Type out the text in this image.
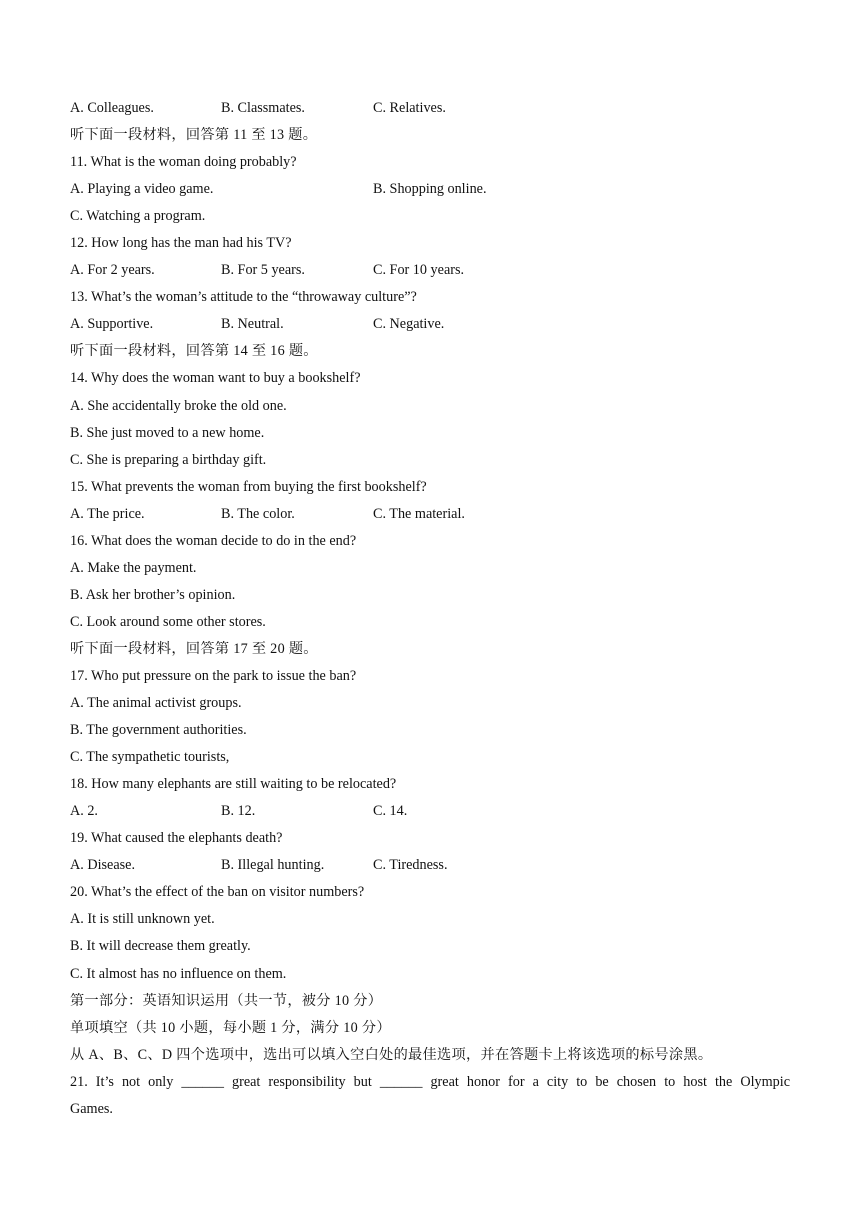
A. Colleagues.	B. Classmates.	C. Relatives.
听下面一段材料，回答第 11 至 13 题。
11. What is the woman doing probably?
A. Playing a video game.	B. Shopping online.
C. Watching a program.
12. How long has the man had his TV?
A. For 2 years.	B. For 5 years.	C. For 10 years.
13. What’s the woman’s attitude to the “throwaway culture”?
A. Supportive.	B. Neutral.	C. Negative.
听下面一段材料，回答第 14 至 16 题。
14. Why does the woman want to buy a bookshelf?
A. She accidentally broke the old one.
B. She just moved to a new home.
C. She is preparing a birthday gift.
15. What prevents the woman from buying the first bookshelf?
A. The price.	B. The color.	C. The material.
16. What does the woman decide to do in the end?
A. Make the payment.
B. Ask her brother’s opinion.
C. Look around some other stores.
听下面一段材料，回答第 17 至 20 题。
17. Who put pressure on the park to issue the ban?
A. The animal activist groups.
B. The government authorities.
C. The sympathetic tourists,
18. How many elephants are still waiting to be relocated?
A. 2.	B. 12.	C. 14.
19. What caused the elephants death?
A. Disease.	B. Illegal hunting.	C. Tiredness.
20. What’s the effect of the ban on visitor numbers?
A. It is still unknown yet.
B. It will decrease them greatly.
C. It almost has no influence on them.
第一部分：英语知识运用（共一节，被分 10 分）
单项填空（共 10 小题，每小题 1 分，满分 10 分）
从 A、B、C、D 四个选项中，选出可以填入空白处的最佳选项，并在答题卡上将该选项的标号涂黑。
21. It’s not only ______ great responsibility but ______ great honor for a city to be chosen to host the Olympic
Games.
